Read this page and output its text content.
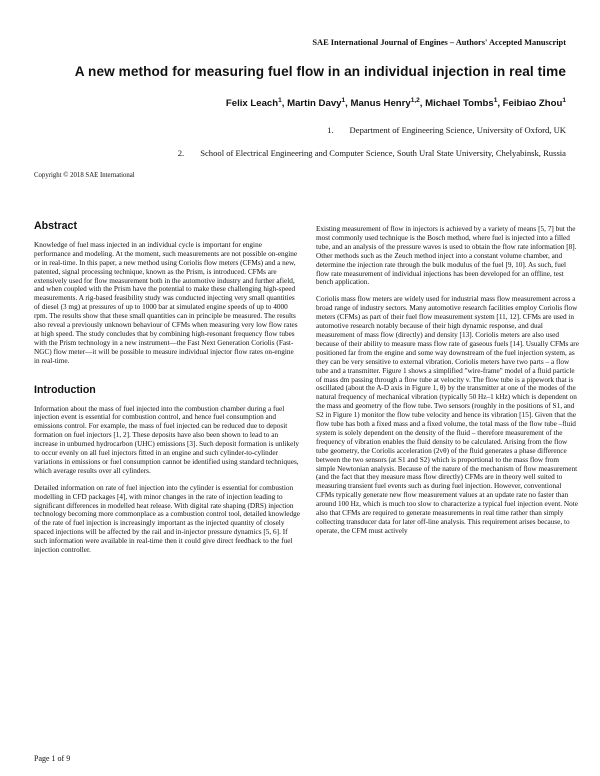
SAE International Journal of Engines – Authors' Accepted Manuscript
A new method for measuring fuel flow in an individual injection in real time
Felix Leach$^1$, Martin Davy$^1$, Manus Henry$^{1,2}$, Michael Tombs$^1$, Feibiao Zhou$^1$
1. Department of Engineering Science, University of Oxford, UK
2. School of Electrical Engineering and Computer Science, South Ural State University, Chelyabinsk, Russia
Copyright © 2018 SAE International
Abstract

Knowledge of fuel mass injected in an individual cycle is important for engine performance and modeling. At the moment, such measurements are not possible on-engine or in real-time. In this paper, a new method using Coriolis flow meters (CFMs) and a new, patented, signal processing technique, known as the Prism, is introduced. CFMs are extensively used for flow measurement both in the automotive industry and further afield, and when coupled with the Prism have the potential to make these challenging high-speed measurements. A rig-based feasibility study was conducted injecting very small quantities of diesel (3 mg) at pressures of up to 1000 bar at simulated engine speeds of up to 4000 rpm. The results show that these small quantities can in principle be measured. The results also reveal a previously unknown behaviour of CFMs when measuring very low flow rates at high speed. The study concludes that by combining high-resonant frequency flow tubes with the Prism technology in a new instrument—the Fast Next Generation Coriolis (Fast-NGC) flow meter—it will be possible to measure individual injector flow rates on-engine in real-time.

Introduction

Information about the mass of fuel injected into the combustion chamber during a fuel injection event is essential for combustion control, and hence fuel consumption and emissions control. For example, the mass of fuel injected can be reduced due to deposit formation on fuel injectors [1, 2]. These deposits have also been shown to lead to an increase in unburned hydrocarbon (UHC) emissions [3]. Such deposit formation is unlikely to occur evenly on all fuel injectors fitted in an engine and such cylinder-to-cylinder variations in emissions or fuel consumption cannot be identified using standard techniques, which average results over all cylinders.

Detailed information on rate of fuel injection into the cylinder is essential for combustion modelling in CFD packages [4], with minor changes in the rate of injection leading to significant differences in modelled heat release. With digital rate shaping (DRS) injection technology becoming more commonplace as a combustion control tool, detailed knowledge of the rate of fuel injection is increasingly important as the injected quantity of closely spaced injections will be affected by the rail and in-injector pressure dynamics [5, 6]. If such information were available in real-time then it could give direct feedback to the fuel injection controller.

Existing measurement of flow in injectors is achieved by a variety of means [5, 7] but the most commonly used technique is the Bosch method, where fuel is injected into a filled tube, and an analysis of the pressure waves is used to obtain the flow rate information [8]. Other methods such as the Zeuch method inject into a constant volume chamber, and determine the injection rate through the bulk modulus of the fuel [9, 10]. As such, fuel flow rate measurement of individual injections has been developed for an offline, test bench application.

Coriolis mass flow meters are widely used for industrial mass flow measurement across a broad range of industry sectors. Many automotive research facilities employ Coriolis flow meters (CFMs) as part of their fuel flow measurement system [11, 12]. CFMs are used in automotive research notably because of their high dynamic response, and dual measurement of mass flow (directly) and density [13]. Coriolis meters are also used because of their ability to measure mass flow rate of gaseous fuels [14]. Usually CFMs are positioned far from the engine and some way downstream of the fuel injection system, as they can be very sensitive to external vibration. Coriolis meters have two parts – a flow tube and a transmitter. Figure 1 shows a simplified "wire-frame" model of a fluid particle of mass dm passing through a flow tube at velocity v. The flow tube is a pipework that is oscillated (about the A-D axis in Figure 1, θ) by the transmitter at one of the modes of the natural frequency of mechanical vibration (typically 50 Hz–1 kHz) which is dependent on the mass and geometry of the flow tube. Two sensors (roughly in the positions of S1, and S2 in Figure 1) monitor the flow tube velocity and hence its vibration [15]. Given that the flow tube has both a fixed mass and a fixed volume, the total mass of the flow tube –fluid system is solely dependent on the density of the fluid – therefore measurement of the frequency of vibration enables the fluid density to be calculated. Arising from the flow tube geometry, the Coriolis acceleration (2vθ) of the fluid generates a phase difference between the two sensors (at S1 and S2) which is proportional to the mass flow from simple Newtonian analysis. Because of the nature of the mechanism of flow measurement (and the fact that they measure mass flow directly) CFMs are in theory well suited to measuring transient fuel events such as during fuel injection. However, conventional CFMs typically generate new flow measurement values at an update rate no faster than around 100 Hz, which is much too slow to characterize a typical fuel injection event. Note also that CFMs are required to generate measurements in real time rather than simply collecting transducer data for later off-line analysis. This requirement arises because, to operate, the CFM must actively

Page 1 of 9
